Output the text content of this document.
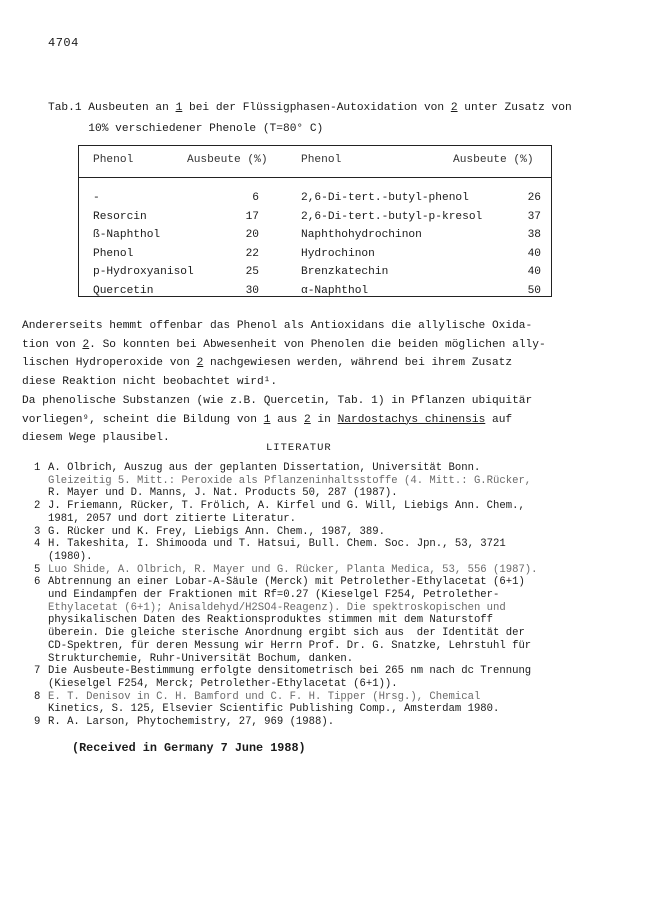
4704
Tab.1 Ausbeuten an 1 bei der Flüssigphasen-Autoxidation von 2 unter Zusatz von
10% verschiedener Phenole (T=80° C)
Phenol	Ausbeute (%)	Phenol	Ausbeute (%)
-	6	2,6-Di-tert.-butyl-phenol	26
Resorcin	17	2,6-Di-tert.-butyl-p-kresol	37
ß-Naphthol	20	Naphthohydrochinon	38
Phenol	22	Hydrochinon	40
p-Hydroxyanisol	25	Brenzkatechin	40
Quercetin	30	α-Naphthol	50
Andererseits hemmt offenbar das Phenol als Antioxidans die allylische Oxida-
tion von 2. So konnten bei Abwesenheit von Phenolen die beiden möglichen ally-
lischen Hydroperoxide von 2 nachgewiesen werden, während bei ihrem Zusatz
diese Reaktion nicht beobachtet wird¹.
Da phenolische Substanzen (wie z.B. Quercetin, Tab. 1) in Pflanzen ubiquitär
vorliegen⁹, scheint die Bildung von 1 aus 2 in Nardostachys chinensis auf
diesem Wege plausibel.
LITERATUR
1 A. Olbrich, Auszug aus der geplanten Dissertation, Universität Bonn.
Gleizeitig 5. Mitt.: Peroxide als Pflanzeninhaltsstoffe (4. Mitt.: G.Rücker,
R. Mayer und D. Manns, J. Nat. Products 50, 287 (1987).
2 J. Friemann, Rücker, T. Frölich, A. Kirfel und G. Will, Liebigs Ann. Chem.,
1981, 2057 und dort zitierte Literatur.
3 G. Rücker und K. Frey, Liebigs Ann. Chem., 1987, 389.
4 H. Takeshita, I. Shimooda und T. Hatsui, Bull. Chem. Soc. Jpn., 53, 3721
(1980).
5 Luo Shide, A. Olbrich, R. Mayer und G. Rücker, Planta Medica, 53, 556 (1987).
6 Abtrennung an einer Lobar-A-Säule (Merck) mit Petrolether-Ethylacetat (6+1)
und Eindampfen der Fraktionen mit Rf=0.27 (Kieselgel F254, Petrolether-
Ethylacetat (6+1); Anisaldehyd/H2SO4-Reagenz). Die spektroskopischen und
physikalischen Daten des Reaktionsproduktes stimmen mit dem Naturstoff
überein. Die gleiche sterische Anordnung ergibt sich aus  der Identität der
CD-Spektren, für deren Messung wir Herrn Prof. Dr. G. Snatzke, Lehrstuhl für
Strukturchemie, Ruhr-Universität Bochum, danken.
7 Die Ausbeute-Bestimmung erfolgte densitometrisch bei 265 nm nach dc Trennung
(Kieselgel F254, Merck; Petrolether-Ethylacetat (6+1)).
8 E. T. Denisov in C. H. Bamford und C. F. H. Tipper (Hrsg.), Chemical
Kinetics, S. 125, Elsevier Scientific Publishing Comp., Amsterdam 1980.
9 R. A. Larson, Phytochemistry, 27, 969 (1988).
(Received in Germany 7 June 1988)
